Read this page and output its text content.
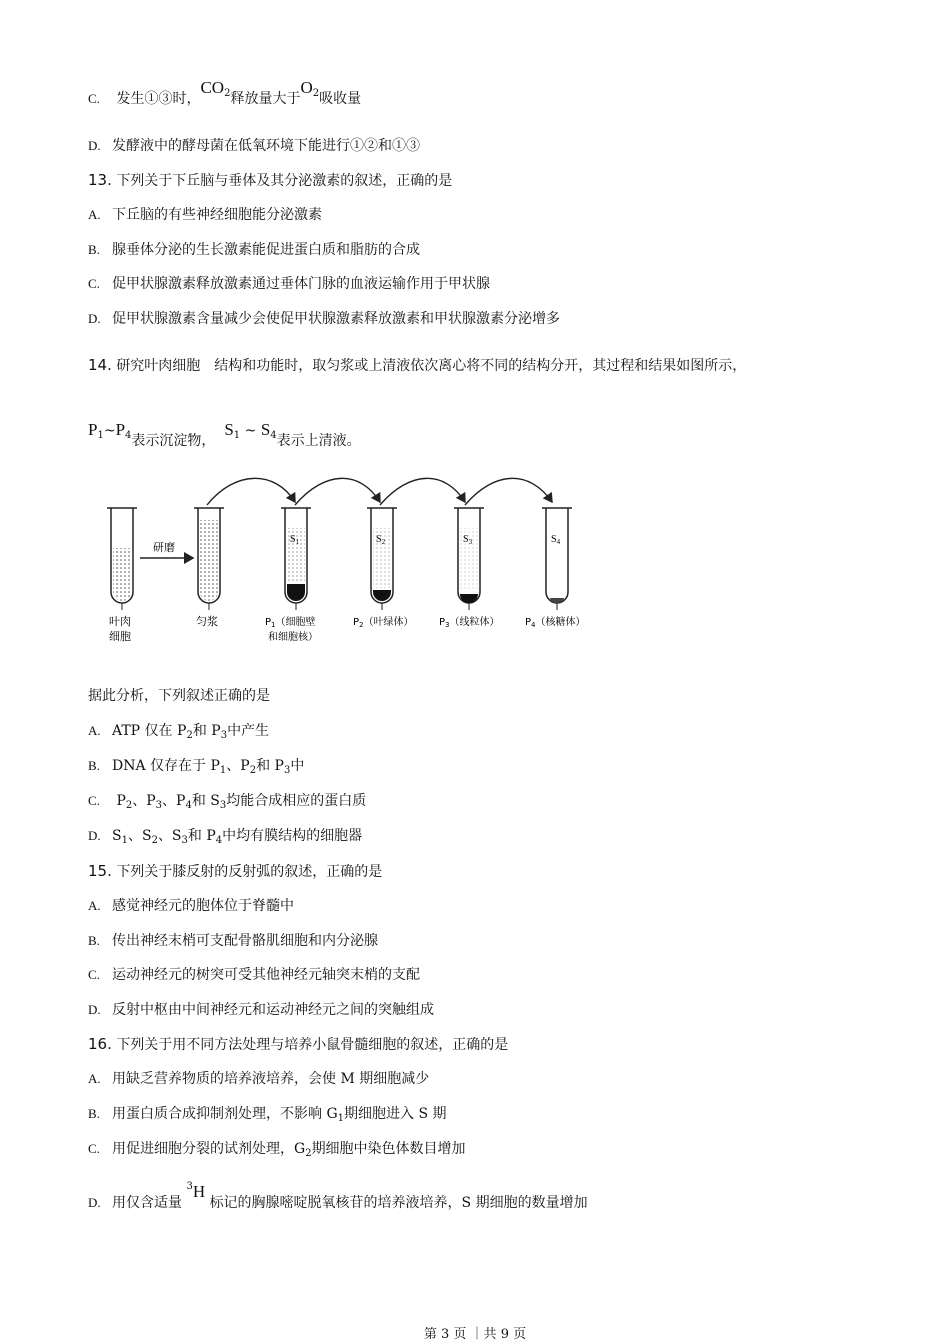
C. 发生①③时，$CO_2$释放量大于$O_2$吸收量
D. 发酵液中的酵母菌在低氧环境下能进行①②和①③
13. 下列关于下丘脑与垂体及其分泌激素的叙述，正确的是
A. 下丘脑的有些神经细胞能分泌激素
B. 腺垂体分泌的生长激素能促进蛋白质和脂肪的合成
C. 促甲状腺激素释放激素通过垂体门脉的血液运输作用于甲状腺
D. 促甲状腺激素含量减少会使促甲状腺激素释放激素和甲状腺激素分泌增多
14. 研究叶肉细胞　结构和功能时，取匀浆或上清液依次离心将不同的结构分开，其过程和结果如图所示，
$P_1\sim P_4$表示沉淀物，  $S_1$ ~ $S_4$表示上清液。
研磨
$S_1$	$S_2$	$S_3$	$S_4$
叶肉
细胞
匀浆	$P_1$（细胞壁
和细胞核）
$P_2$（叶绿体）	$P_3$（线粒体）	$P_4$（核糖体）
据此分析，下列叙述正确的是
A. ATP 仅在 $P_2$和 $P_3$中产生
B. DNA 仅存在于 $P_1$、$P_2$和 $P_3$中
C. $P_2$、$P_3$、$P_4$和 $S_3$均能合成相应的蛋白质
D. $S_1$、$S_2$、$S_3$和 $P_4$中均有膜结构的细胞器
15. 下列关于膝反射的反射弧的叙述，正确的是
A. 感觉神经元的胞体位于脊髓中
B. 传出神经末梢可支配骨骼肌细胞和内分泌腺
C. 运动神经元的树突可受其他神经元轴突末梢的支配
D. 反射中枢由中间神经元和运动神经元之间的突触组成
16. 下列关于用不同方法处理与培养小鼠骨髓细胞的叙述，正确的是
A. 用缺乏营养物质的培养液培养，会使 M 期细胞减少
B. 用蛋白质合成抑制剂处理，不影响 $G_1$期细胞进入 S 期
C. 用促进细胞分裂的试剂处理，$G_2$期细胞中染色体数目增加
D. 用仅含适量 $^3$H 标记的胸腺嘧啶脱氧核苷的培养液培养，S 期细胞的数量增加
第 3 页 ｜共 9 页
